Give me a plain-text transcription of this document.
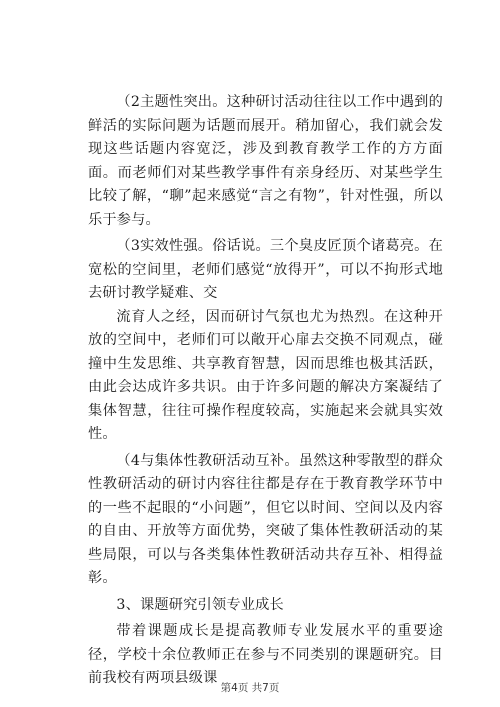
（2主题性突出。这种研讨活动往往以工作中遇到的鲜活的实际问题为话题而展开。稍加留心，我们就会发现这些话题内容宽泛，涉及到教育教学工作的方方面面。而老师们对某些教学事件有亲身经历、对某些学生比较了解，“聊”起来感觉“言之有物”，针对性强，所以乐于参与。

（3实效性强。俗话说。三个臭皮匠顶个诸葛亮。在宽松的空间里，老师们感觉“放得开”，可以不拘形式地去研讨教学疑难、交

流育人之经，因而研讨气氛也尤为热烈。在这种开放的空间中，老师们可以敞开心扉去交换不同观点，碰撞中生发思维、共享教育智慧，因而思维也极其活跃，由此会达成许多共识。由于许多问题的解决方案凝结了集体智慧，往往可操作程度较高，实施起来会就具实效性。

（4与集体性教研活动互补。虽然这种零散型的群众性教研活动的研讨内容往往都是存在于教育教学环节中的一些不起眼的“小问题”，但它以时间、空间以及内容的自由、开放等方面优势，突破了集体性教研活动的某些局限，可以与各类集体性教研活动共存互补、相得益彰。

3、课题研究引领专业成长

带着课题成长是提高教师专业发展水平的重要途径，学校十余位教师正在参与不同类别的课题研究。目前我校有两项县级课

第4页 共7页
